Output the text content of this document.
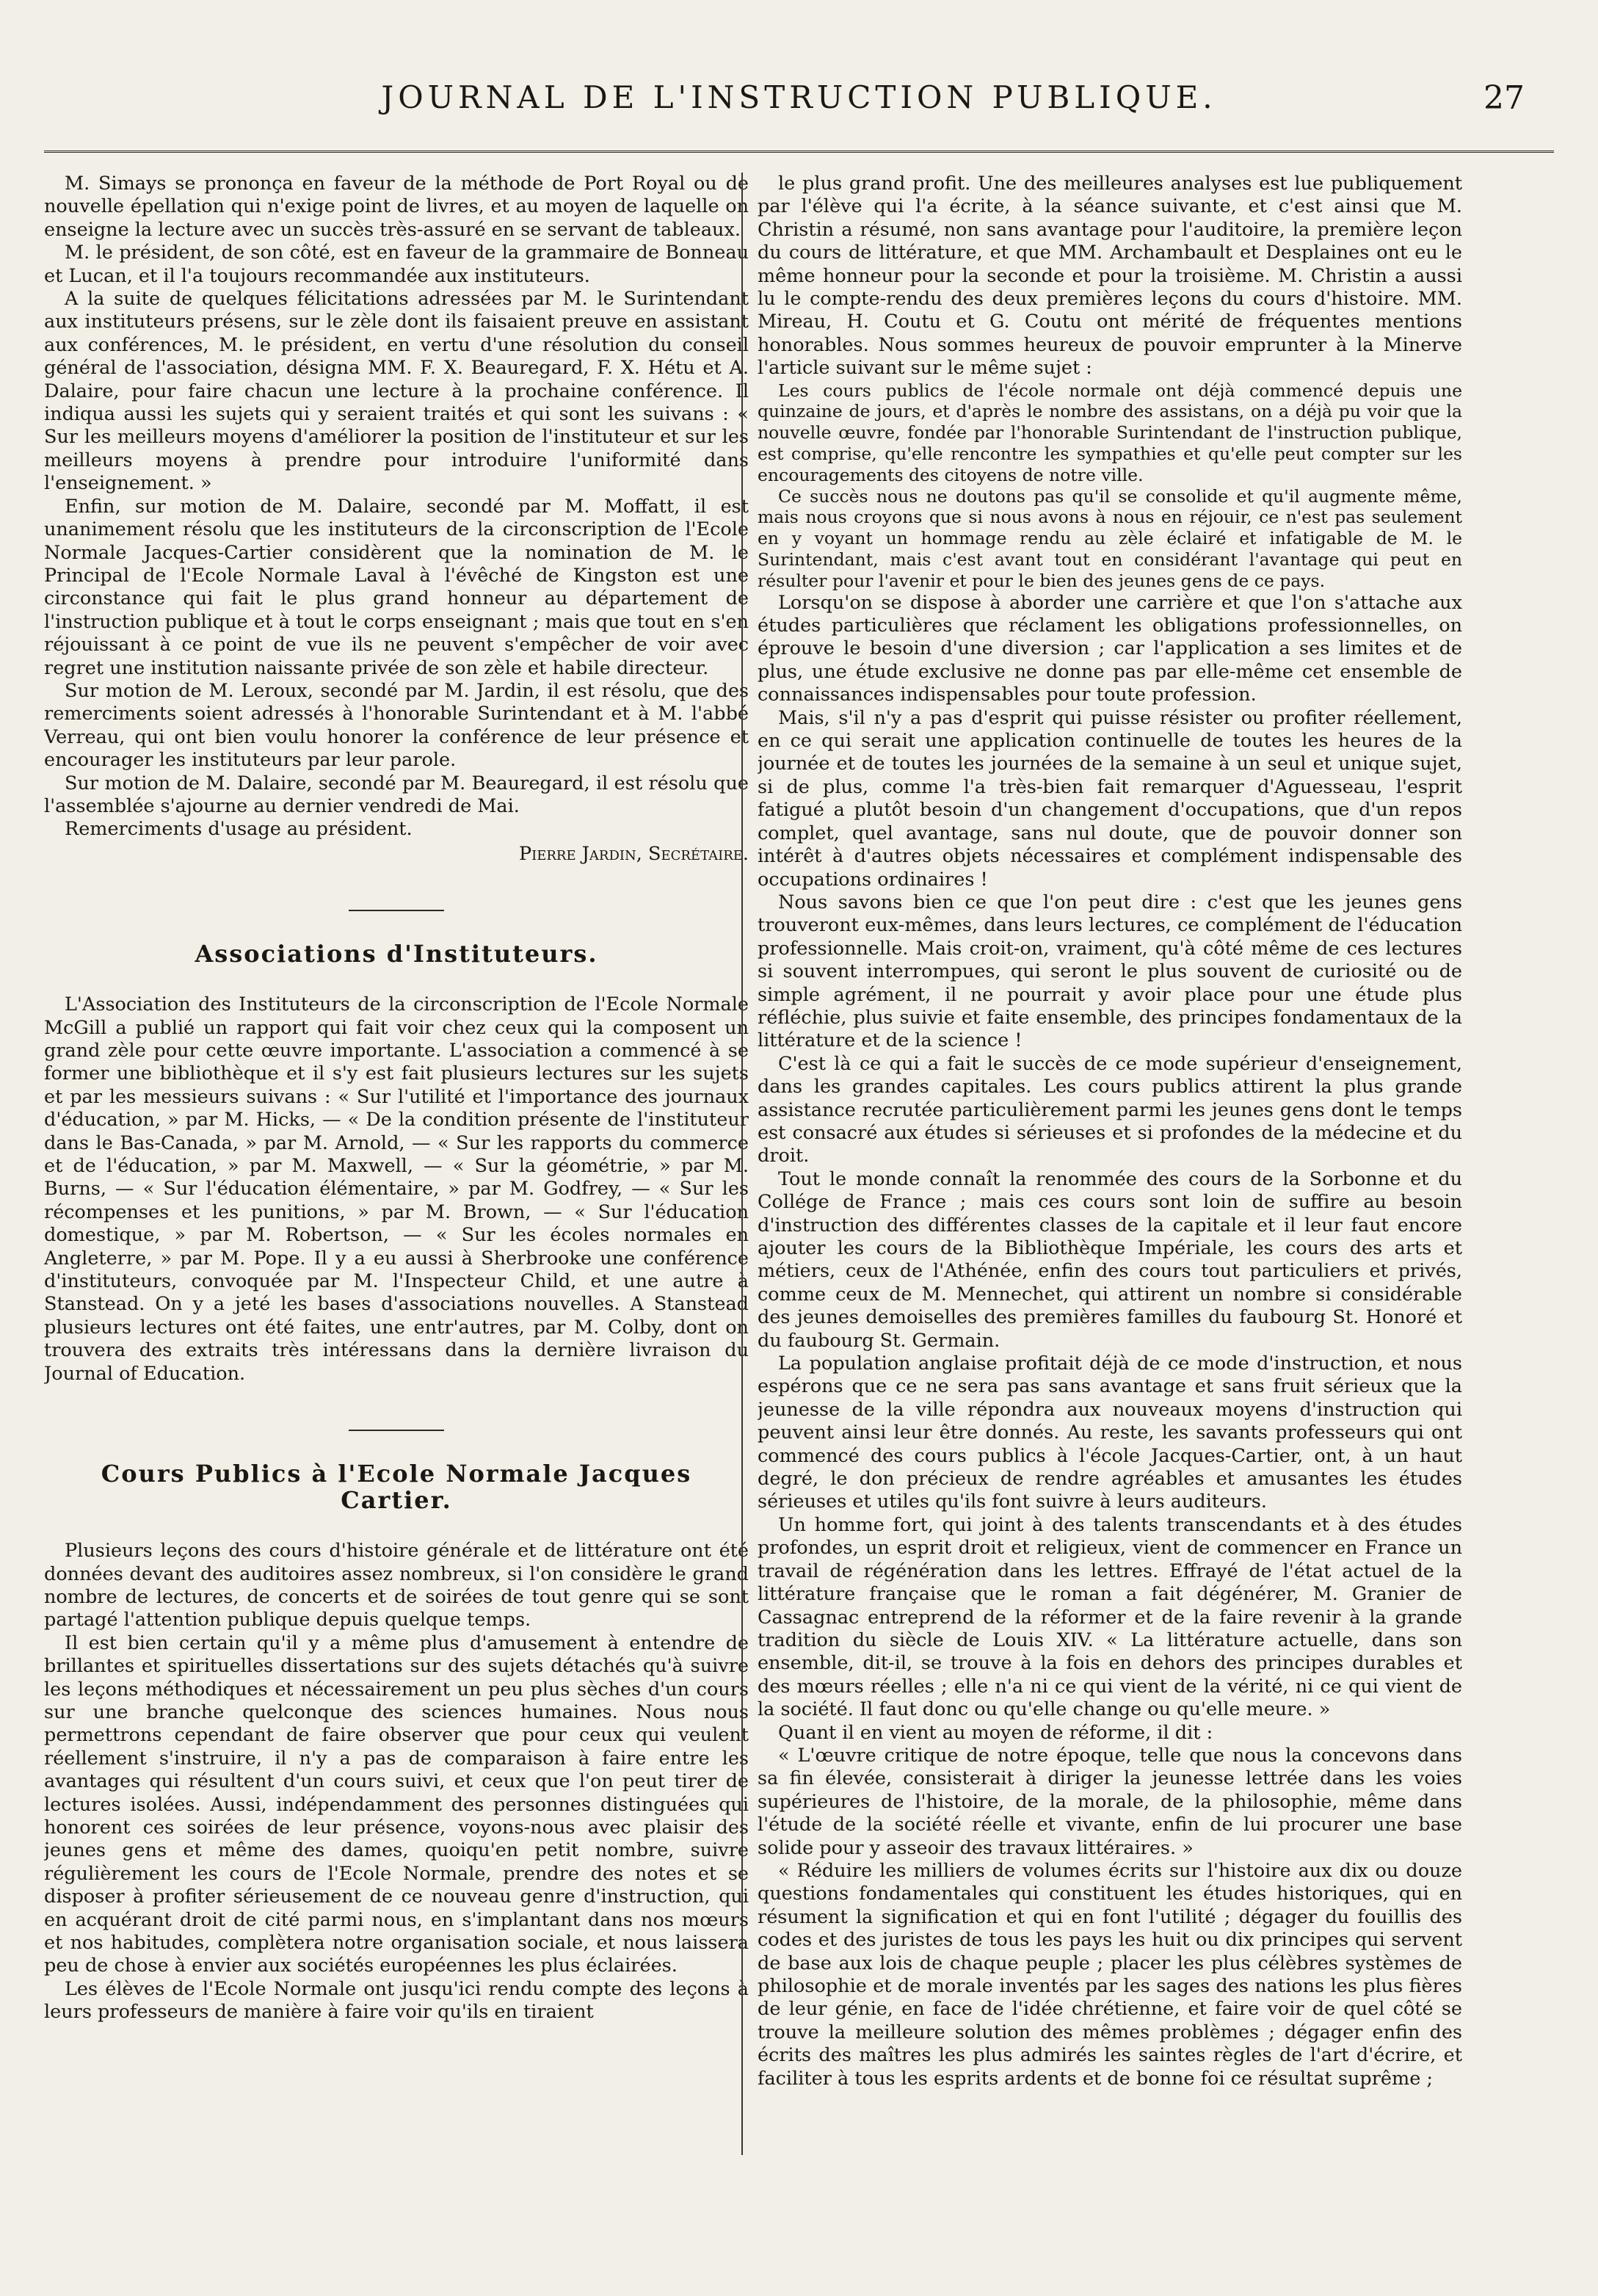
JOURNAL DE L'INSTRUCTION PUBLIQUE.	27

M. Simays se prononça en faveur de la méthode de Port Royal ou de nouvelle épellation qui n'exige point de livres, et au moyen de laquelle on enseigne la lecture avec un succès très-assuré en se servant de tableaux.

M. le président, de son côté, est en faveur de la grammaire de Bonneau et Lucan, et il l'a toujours recommandée aux instituteurs.

A la suite de quelques félicitations adressées par M. le Surintendant aux instituteurs présens, sur le zèle dont ils faisaient preuve en assistant aux conférences, M. le président, en vertu d'une résolution du conseil général de l'association, désigna MM. F. X. Beauregard, F. X. Hétu et A. Dalaire, pour faire chacun une lecture à la prochaine conférence. Il indiqua aussi les sujets qui y seraient traités et qui sont les suivans : « Sur les meilleurs moyens d'améliorer la position de l'instituteur et sur les meilleurs moyens à prendre pour introduire l'uniformité dans l'enseignement. »

Enfin, sur motion de M. Dalaire, secondé par M. Moffatt, il est unanimement résolu que les instituteurs de la circonscription de l'Ecole Normale Jacques-Cartier considèrent que la nomination de M. le Principal de l'Ecole Normale Laval à l'évêché de Kingston est une circonstance qui fait le plus grand honneur au département de l'instruction publique et à tout le corps enseignant ; mais que tout en s'en réjouissant à ce point de vue ils ne peuvent s'empêcher de voir avec regret une institution naissante privée de son zèle et habile directeur.

Sur motion de M. Leroux, secondé par M. Jardin, il est résolu, que des remerciments soient adressés à l'honorable Surintendant et à M. l'abbé Verreau, qui ont bien voulu honorer la conférence de leur présence et encourager les instituteurs par leur parole.

Sur motion de M. Dalaire, secondé par M. Beauregard, il est résolu que l'assemblée s'ajourne au dernier vendredi de Mai.

Remerciments d'usage au président.

Pierre Jardin, Secrétaire.

Associations d'Instituteurs.

L'Association des Instituteurs de la circonscription de l'Ecole Normale McGill a publié un rapport qui fait voir chez ceux qui la composent un grand zèle pour cette œuvre importante. L'association a commencé à se former une bibliothèque et il s'y est fait plusieurs lectures sur les sujets et par les messieurs suivans : « Sur l'utilité et l'importance des journaux d'éducation, » par M. Hicks, — « De la condition présente de l'instituteur dans le Bas-Canada, » par M. Arnold, — « Sur les rapports du commerce et de l'éducation, » par M. Maxwell, — « Sur la géométrie, » par M. Burns, — « Sur l'éducation élémentaire, » par M. Godfrey, — « Sur les récompenses et les punitions, » par M. Brown, — « Sur l'éducation domestique, » par M. Robertson, — « Sur les écoles normales en Angleterre, » par M. Pope. Il y a eu aussi à Sherbrooke une conférence d'instituteurs, convoquée par M. l'Inspecteur Child, et une autre à Stanstead. On y a jeté les bases d'associations nouvelles. A Stanstead plusieurs lectures ont été faites, une entr'autres, par M. Colby, dont on trouvera des extraits très intéressans dans la dernière livraison du Journal of Education.

Cours Publics à l'Ecole Normale Jacques Cartier.

Plusieurs leçons des cours d'histoire générale et de littérature ont été données devant des auditoires assez nombreux, si l'on considère le grand nombre de lectures, de concerts et de soirées de tout genre qui se sont partagé l'attention publique depuis quelque temps.

Il est bien certain qu'il y a même plus d'amusement à entendre de brillantes et spirituelles dissertations sur des sujets détachés qu'à suivre les leçons méthodiques et nécessairement un peu plus sèches d'un cours sur une branche quelconque des sciences humaines. Nous nous permettrons cependant de faire observer que pour ceux qui veulent réellement s'instruire, il n'y a pas de comparaison à faire entre les avantages qui résultent d'un cours suivi, et ceux que l'on peut tirer de lectures isolées. Aussi, indépendamment des personnes distinguées qui honorent ces soirées de leur présence, voyons-nous avec plaisir des jeunes gens et même des dames, quoiqu'en petit nombre, suivre régulièrement les cours de l'Ecole Normale, prendre des notes et se disposer à profiter sérieusement de ce nouveau genre d'instruction, qui en acquérant droit de cité parmi nous, en s'implantant dans nos mœurs et nos habitudes, complètera notre organisation sociale, et nous laissera peu de chose à envier aux sociétés européennes les plus éclairées.

Les élèves de l'Ecole Normale ont jusqu'ici rendu compte des leçons à leurs professeurs de manière à faire voir qu'ils en tiraient

le plus grand profit. Une des meilleures analyses est lue publiquement par l'élève qui l'a écrite, à la séance suivante, et c'est ainsi que M. Christin a résumé, non sans avantage pour l'auditoire, la première leçon du cours de littérature, et que MM. Archambault et Desplaines ont eu le même honneur pour la seconde et pour la troisième. M. Christin a aussi lu le compte-rendu des deux premières leçons du cours d'histoire. MM. Mireau, H. Coutu et G. Coutu ont mérité de fréquentes mentions honorables. Nous sommes heureux de pouvoir emprunter à la Minerve l'article suivant sur le même sujet :

Les cours publics de l'école normale ont déjà commencé depuis une quinzaine de jours, et d'après le nombre des assistans, on a déjà pu voir que la nouvelle œuvre, fondée par l'honorable Surintendant de l'instruction publique, est comprise, qu'elle rencontre les sympathies et qu'elle peut compter sur les encouragements des citoyens de notre ville.

Ce succès nous ne doutons pas qu'il se consolide et qu'il augmente même, mais nous croyons que si nous avons à nous en réjouir, ce n'est pas seulement en y voyant un hommage rendu au zèle éclairé et infatigable de M. le Surintendant, mais c'est avant tout en considérant l'avantage qui peut en résulter pour l'avenir et pour le bien des jeunes gens de ce pays.

Lorsqu'on se dispose à aborder une carrière et que l'on s'attache aux études particulières que réclament les obligations professionnelles, on éprouve le besoin d'une diversion ; car l'application a ses limites et de plus, une étude exclusive ne donne pas par elle-même cet ensemble de connaissances indispensables pour toute profession.

Mais, s'il n'y a pas d'esprit qui puisse résister ou profiter réellement, en ce qui serait une application continuelle de toutes les heures de la journée et de toutes les journées de la semaine à un seul et unique sujet, si de plus, comme l'a très-bien fait remarquer d'Aguesseau, l'esprit fatigué a plutôt besoin d'un changement d'occupations, que d'un repos complet, quel avantage, sans nul doute, que de pouvoir donner son intérêt à d'autres objets nécessaires et complément indispensable des occupations ordinaires !

Nous savons bien ce que l'on peut dire : c'est que les jeunes gens trouveront eux-mêmes, dans leurs lectures, ce complément de l'éducation professionnelle. Mais croit-on, vraiment, qu'à côté même de ces lectures si souvent interrompues, qui seront le plus souvent de curiosité ou de simple agrément, il ne pourrait y avoir place pour une étude plus réfléchie, plus suivie et faite ensemble, des principes fondamentaux de la littérature et de la science !

C'est là ce qui a fait le succès de ce mode supérieur d'enseignement, dans les grandes capitales. Les cours publics attirent la plus grande assistance recrutée particulièrement parmi les jeunes gens dont le temps est consacré aux études si sérieuses et si profondes de la médecine et du droit.

Tout le monde connaît la renommée des cours de la Sorbonne et du Collége de France ; mais ces cours sont loin de suffire au besoin d'instruction des différentes classes de la capitale et il leur faut encore ajouter les cours de la Bibliothèque Impériale, les cours des arts et métiers, ceux de l'Athénée, enfin des cours tout particuliers et privés, comme ceux de M. Mennechet, qui attirent un nombre si considérable des jeunes demoiselles des premières familles du faubourg St. Honoré et du faubourg St. Germain.

La population anglaise profitait déjà de ce mode d'instruction, et nous espérons que ce ne sera pas sans avantage et sans fruit sérieux que la jeunesse de la ville répondra aux nouveaux moyens d'instruction qui peuvent ainsi leur être donnés. Au reste, les savants professeurs qui ont commencé des cours publics à l'école Jacques-Cartier, ont, à un haut degré, le don précieux de rendre agréables et amusantes les études sérieuses et utiles qu'ils font suivre à leurs auditeurs.

Un homme fort, qui joint à des talents transcendants et à des études profondes, un esprit droit et religieux, vient de commencer en France un travail de régénération dans les lettres. Effrayé de l'état actuel de la littérature française que le roman a fait dégénérer, M. Granier de Cassagnac entreprend de la réformer et de la faire revenir à la grande tradition du siècle de Louis XIV. « La littérature actuelle, dans son ensemble, dit-il, se trouve à la fois en dehors des principes durables et des mœurs réelles ; elle n'a ni ce qui vient de la vérité, ni ce qui vient de la société. Il faut donc ou qu'elle change ou qu'elle meure. »

Quant il en vient au moyen de réforme, il dit :

« L'œuvre critique de notre époque, telle que nous la concevons dans sa fin élevée, consisterait à diriger la jeunesse lettrée dans les voies supérieures de l'histoire, de la morale, de la philosophie, même dans l'étude de la société réelle et vivante, enfin de lui procurer une base solide pour y asseoir des travaux littéraires. »

« Réduire les milliers de volumes écrits sur l'histoire aux dix ou douze questions fondamentales qui constituent les études historiques, qui en résument la signification et qui en font l'utilité ; dégager du fouillis des codes et des juristes de tous les pays les huit ou dix principes qui servent de base aux lois de chaque peuple ; placer les plus célèbres systèmes de philosophie et de morale inventés par les sages des nations les plus fières de leur génie, en face de l'idée chrétienne, et faire voir de quel côté se trouve la meilleure solution des mêmes problèmes ; dégager enfin des écrits des maîtres les plus admirés les saintes règles de l'art d'écrire, et faciliter à tous les esprits ardents et de bonne foi ce résultat suprême ;
